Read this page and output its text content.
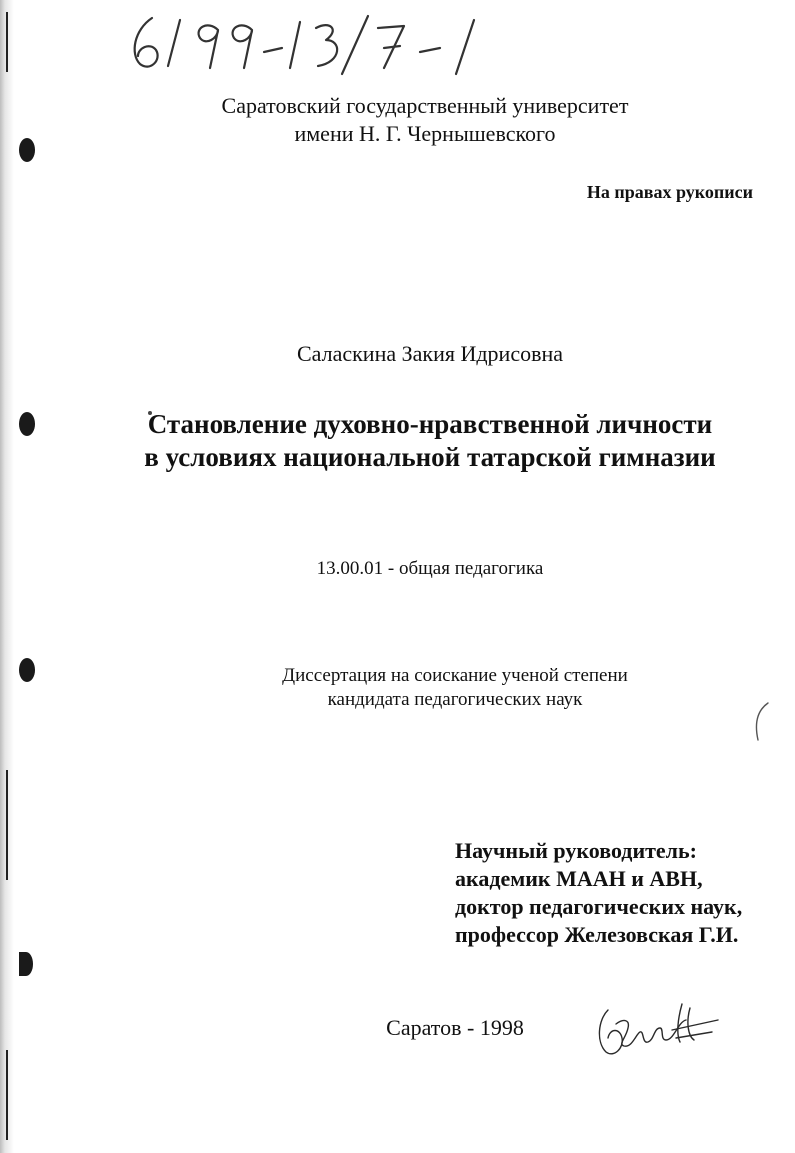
Саратовский государственный университет
имени Н. Г. Чернышевского
На правах рукописи
Саласкина Закия Идрисовна
Становление духовно-нравственной личности
в условиях национальной татарской гимназии
13.00.01 - общая педагогика
Диссертация на соискание ученой степени
кандидата педагогических наук
Научный руководитель:
академик МААН и АВН,
доктор педагогических наук,
профессор Железовская Г.И.
Саратов - 1998
